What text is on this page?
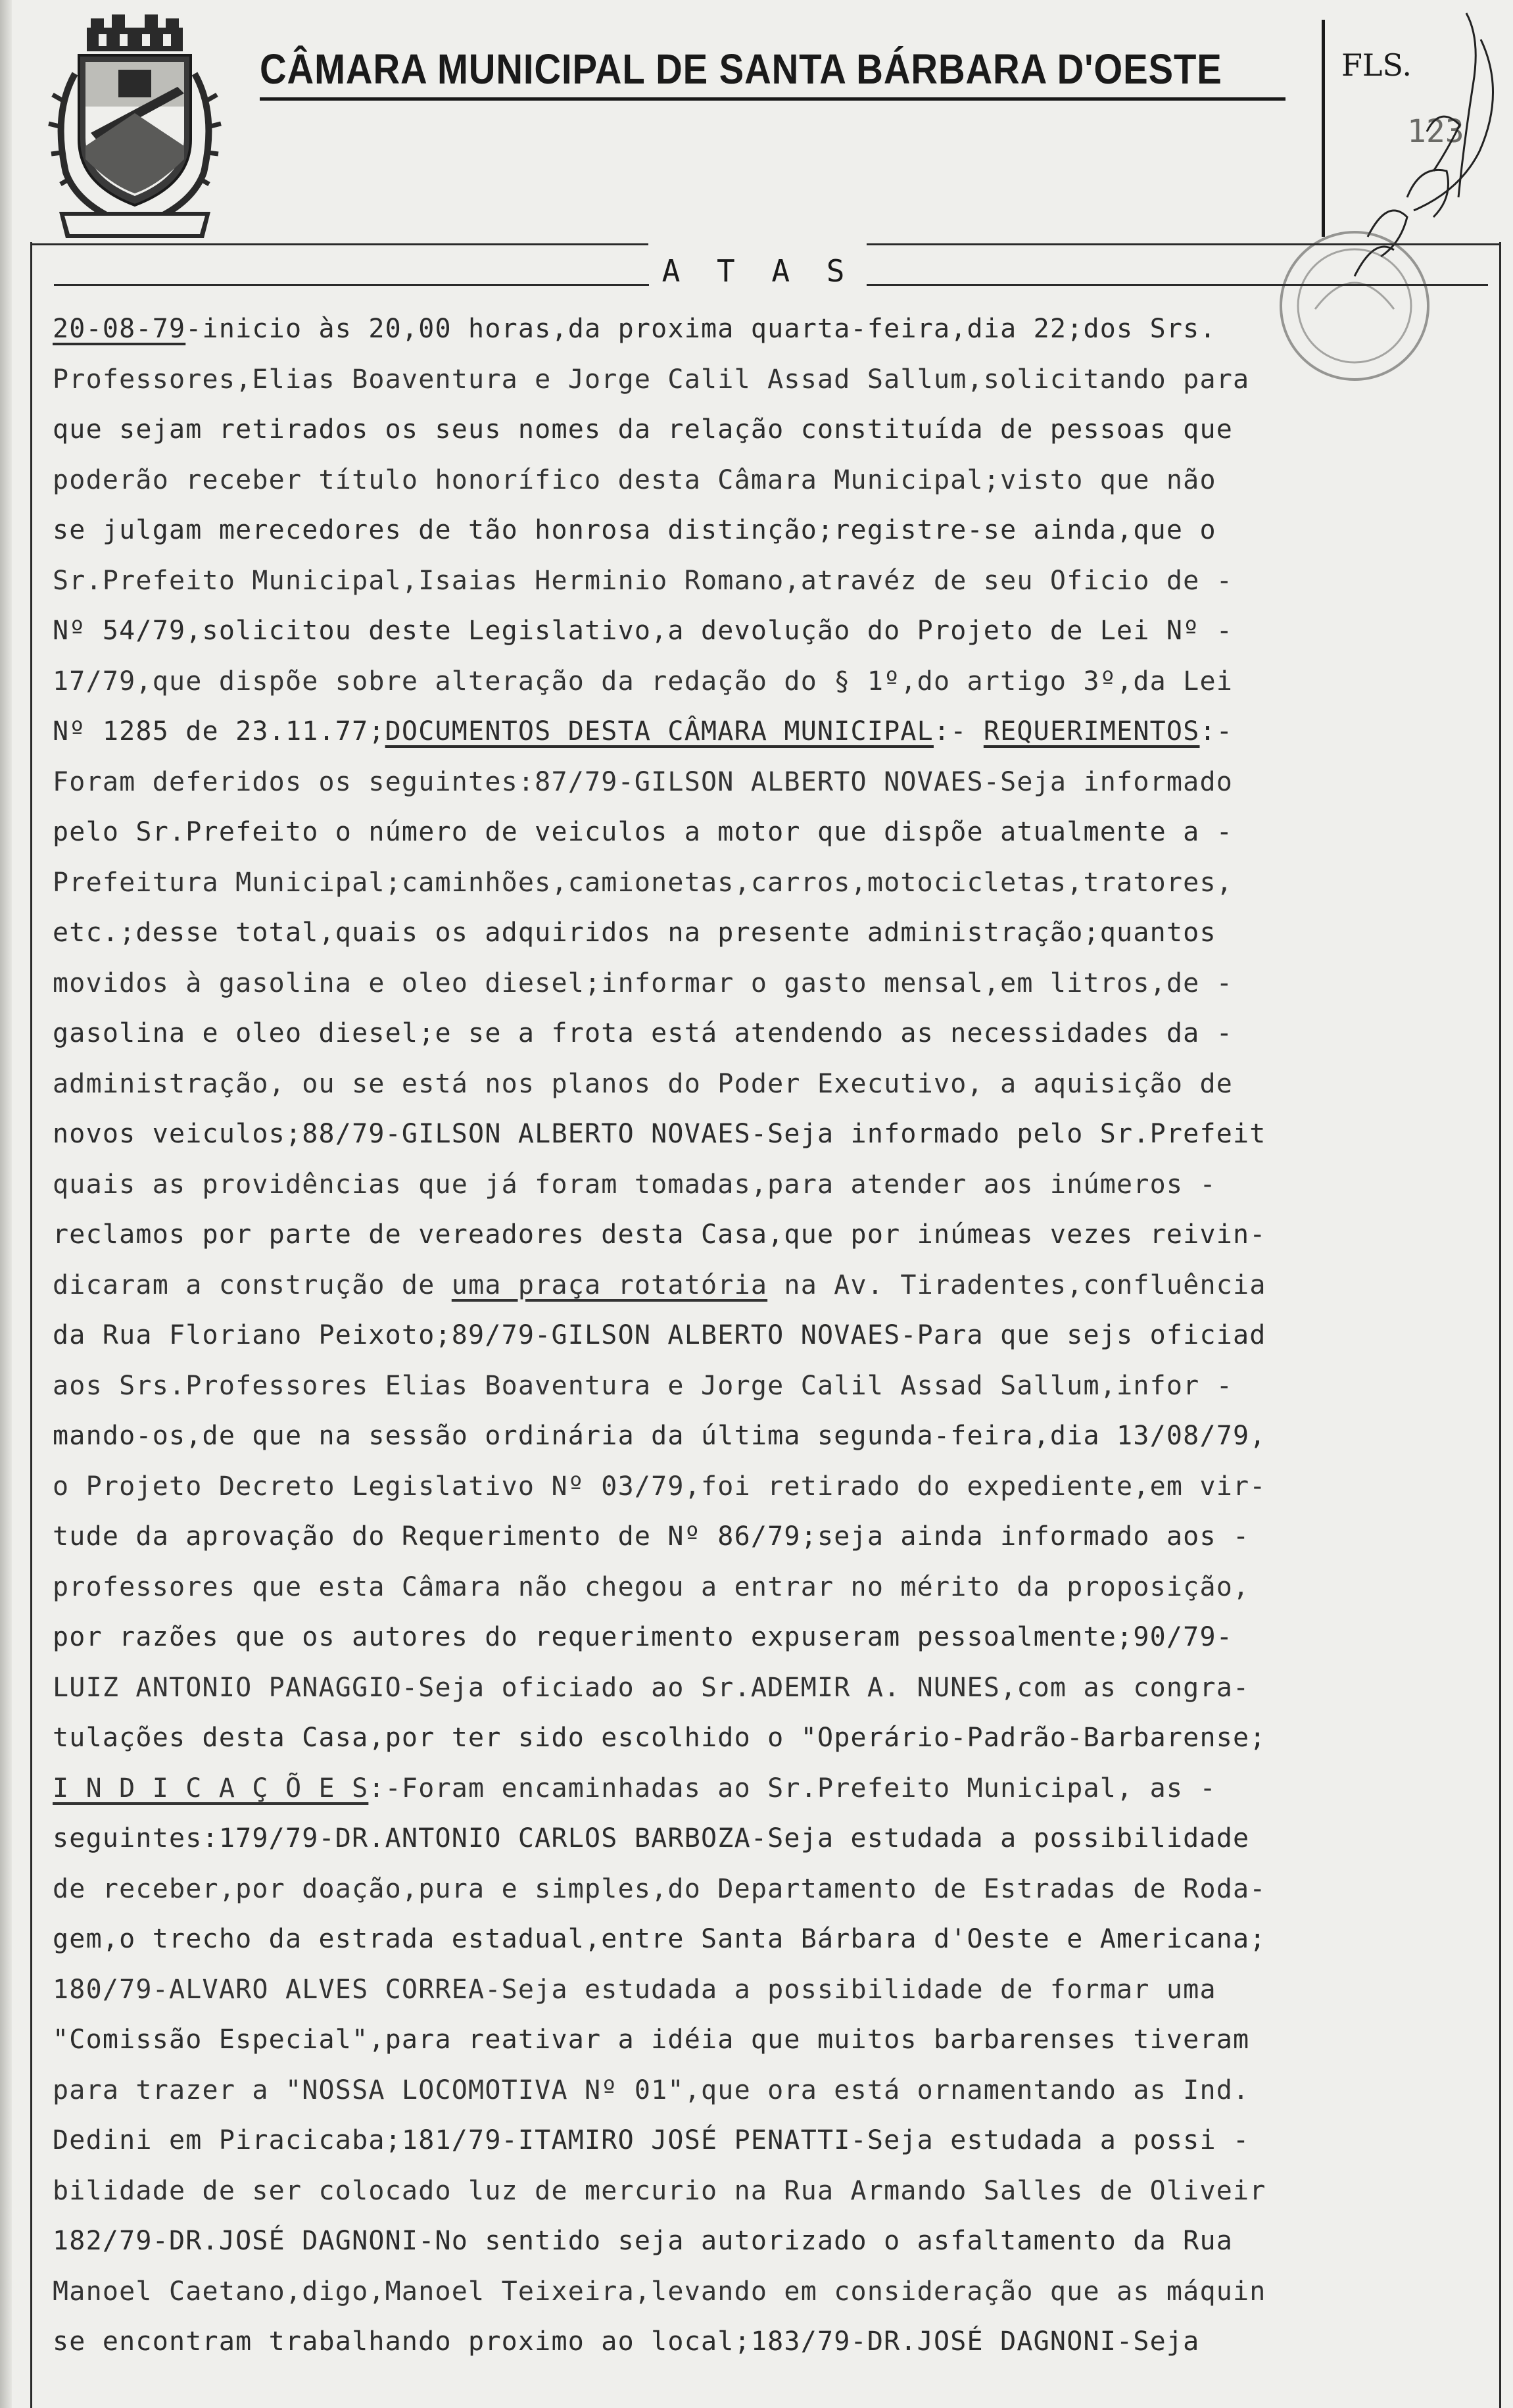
CÂMARA MUNICIPAL DE SANTA BÁRBARA D'OESTE	FLS.
123
A T A S
20-08-79-inicio às 20,00 horas,da proxima quarta-feira,dia 22;dos Srs.
Professores,Elias Boaventura e Jorge Calil Assad Sallum,solicitando para
que sejam retirados os seus nomes da relação constituída de pessoas que
poderão receber título honorífico desta Câmara Municipal;visto que não
se julgam merecedores de tão honrosa distinção;registre-se ainda,que o
Sr.Prefeito Municipal,Isaias Herminio Romano,atravéz de seu Oficio de -
Nº 54/79,solicitou deste Legislativo,a devolução do Projeto de Lei Nº -
17/79,que dispõe sobre alteração da redação do § 1º,do artigo 3º,da Lei
Nº 1285 de 23.11.77;DOCUMENTOS DESTA CÂMARA MUNICIPAL:- REQUERIMENTOS:-
Foram deferidos os seguintes:87/79-GILSON ALBERTO NOVAES-Seja informado
pelo Sr.Prefeito o número de veiculos a motor que dispõe atualmente a -
Prefeitura Municipal;caminhões,camionetas,carros,motocicletas,tratores,
etc.;desse total,quais os adquiridos na presente administração;quantos
movidos à gasolina e oleo diesel;informar o gasto mensal,em litros,de -
gasolina e oleo diesel;e se a frota está atendendo as necessidades da -
administração, ou se está nos planos do Poder Executivo, a aquisição de
novos veiculos;88/79-GILSON ALBERTO NOVAES-Seja informado pelo Sr.Prefeit
quais as providências que já foram tomadas,para atender aos inúmeros -
reclamos por parte de vereadores desta Casa,que por inúmeas vezes reivin-
dicaram a construção de uma praça rotatória na Av. Tiradentes,confluência
da Rua Floriano Peixoto;89/79-GILSON ALBERTO NOVAES-Para que sejs oficiad
aos Srs.Professores Elias Boaventura e Jorge Calil Assad Sallum,infor -
mando-os,de que na sessão ordinária da última segunda-feira,dia 13/08/79,
o Projeto Decreto Legislativo Nº 03/79,foi retirado do expediente,em vir-
tude da aprovação do Requerimento de Nº 86/79;seja ainda informado aos -
professores que esta Câmara não chegou a entrar no mérito da proposição,
por razões que os autores do requerimento expuseram pessoalmente;90/79-
LUIZ ANTONIO PANAGGIO-Seja oficiado ao Sr.ADEMIR A. NUNES,com as congra-
tulações desta Casa,por ter sido escolhido o "Operário-Padrão-Barbarense;
I N D I C A Ç Õ E S:-Foram encaminhadas ao Sr.Prefeito Municipal, as -
seguintes:179/79-DR.ANTONIO CARLOS BARBOZA-Seja estudada a possibilidade
de receber,por doação,pura e simples,do Departamento de Estradas de Roda-
gem,o trecho da estrada estadual,entre Santa Bárbara d'Oeste e Americana;
180/79-ALVARO ALVES CORREA-Seja estudada a possibilidade de formar uma
"Comissão Especial",para reativar a idéia que muitos barbarenses tiveram
para trazer a "NOSSA LOCOMOTIVA Nº 01",que ora está ornamentando as Ind.
Dedini em Piracicaba;181/79-ITAMIRO JOSÉ PENATTI-Seja estudada a possi -
bilidade de ser colocado luz de mercurio na Rua Armando Salles de Oliveir
182/79-DR.JOSÉ DAGNONI-No sentido seja autorizado o asfaltamento da Rua
Manoel Caetano,digo,Manoel Teixeira,levando em consideração que as máquin
se encontram trabalhando proximo ao local;183/79-DR.JOSÉ DAGNONI-Seja
